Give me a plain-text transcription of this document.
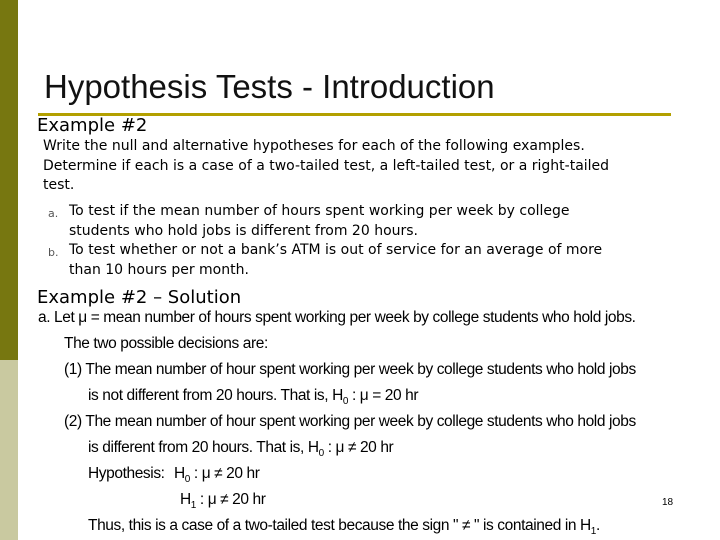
Hypothesis Tests - Introduction
Example #2
Write the null and alternative hypotheses for each of the following examples. Determine if each is a case of a two-tailed test, a left-tailed test, or a right-tailed test.
a. To test if the mean number of hours spent working per week by college students who hold jobs is different from 20 hours.
b. To test whether or not a bank’s ATM is out of service for an average of more than 10 hours per month.
Example #2 – Solution
a. Let μ = mean number of hours spent working per week by college students who hold jobs.
The two possible decisions are:
(1) The mean number of hour spent working per week by college students who hold jobs
is not different from 20 hours. That is, $H_0$ : μ = 20 hr
(2) The mean number of hour spent working per week by college students who hold jobs
is different from 20 hours. That is, $H_0$ : μ ≠ 20 hr
Hypothesis: $H_0$ : μ ≠ 20 hr
$H_1$ : μ ≠ 20 hr
Thus, this is a case of a two-tailed test because the sign " ≠ " is contained in $H_1$.
18
